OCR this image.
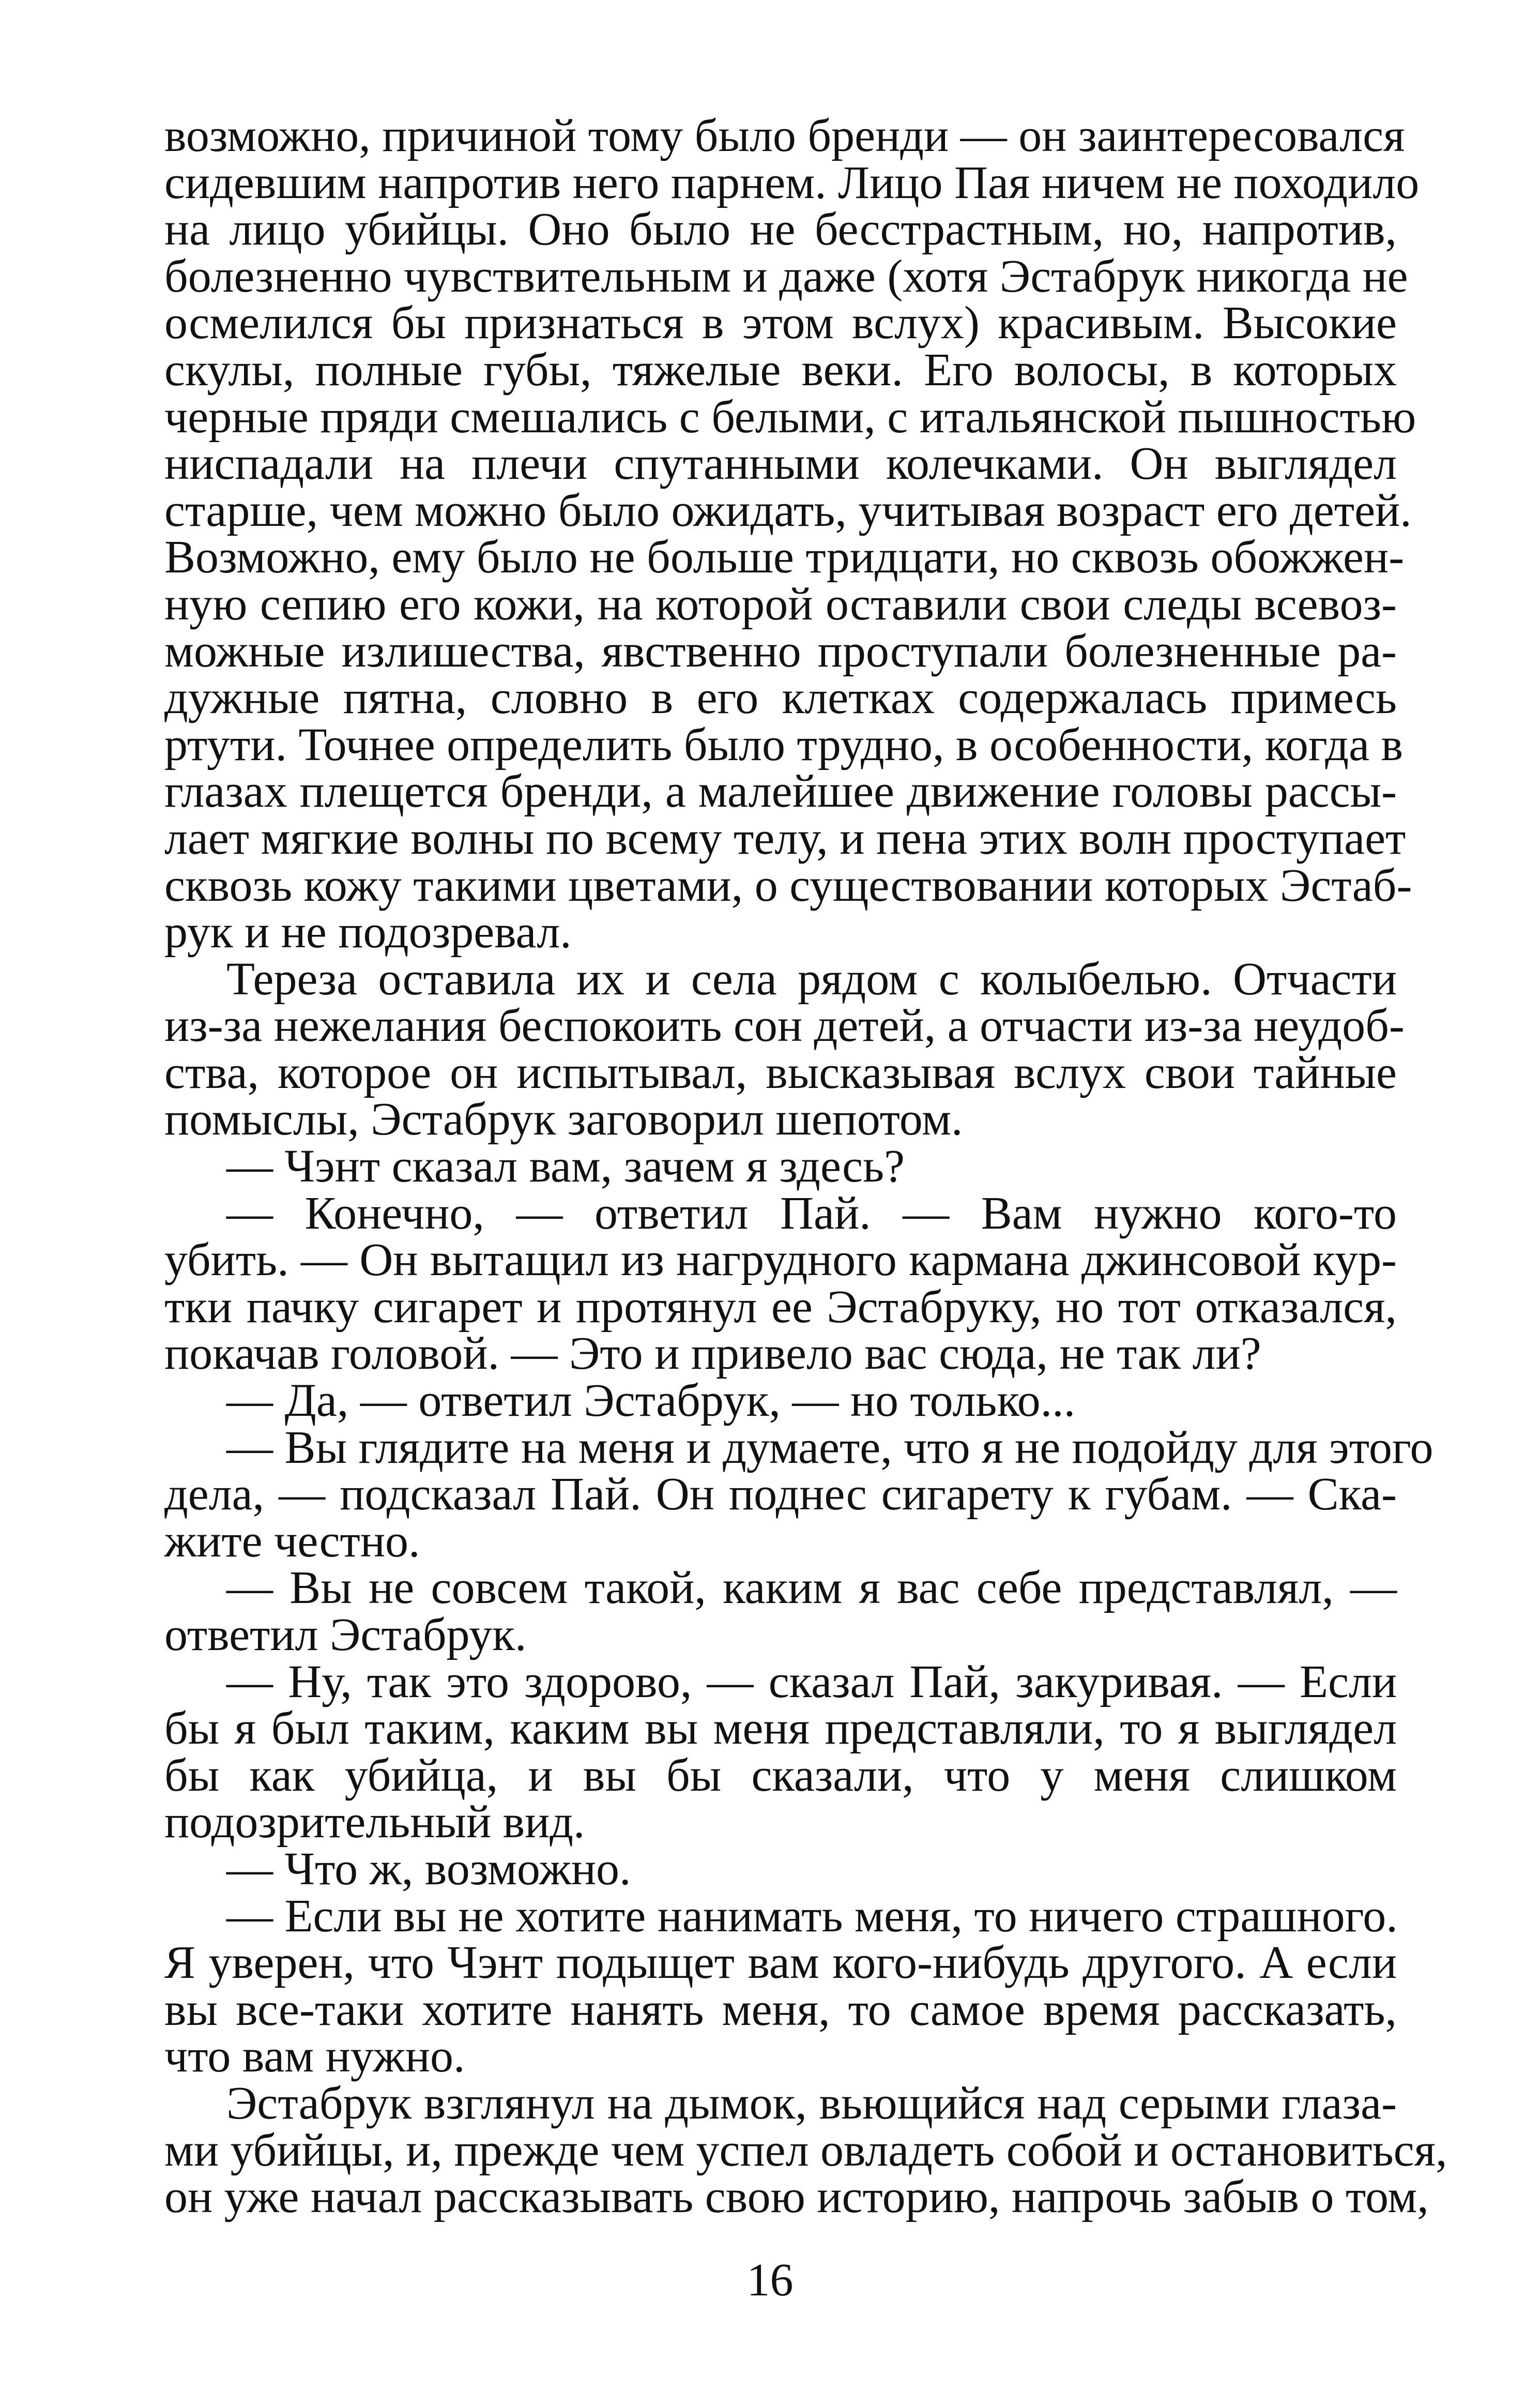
возможно, причиной тому было бренди — он заинтересовался
сидевшим напротив него парнем. Лицо Пая ничем не походило
на лицо убийцы. Оно было не бесстрастным, но, напротив,
болезненно чувствительным и даже (хотя Эстабрук никогда не
осмелился бы признаться в этом вслух) красивым. Высокие
скулы, полные губы, тяжелые веки. Его волосы, в которых
черные пряди смешались с белыми, с итальянской пышностью
ниспадали на плечи спутанными колечками. Он выглядел
старше, чем можно было ожидать, учитывая возраст его детей.
Возможно, ему было не больше тридцати, но сквозь обожжен-
ную сепию его кожи, на которой оставили свои следы всевоз-
можные излишества, явственно проступали болезненные ра-
дужные пятна, словно в его клетках содержалась примесь
ртути. Точнее определить было трудно, в особенности, когда в
глазах плещется бренди, а малейшее движение головы рассы-
лает мягкие волны по всему телу, и пена этих волн проступает
сквозь кожу такими цветами, о существовании которых Эстаб-
рук и не подозревал.
Тереза оставила их и села рядом с колыбелью. Отчасти
из-за нежелания беспокоить сон детей, а отчасти из-за неудоб-
ства, которое он испытывал, высказывая вслух свои тайные
помыслы, Эстабрук заговорил шепотом.
— Чэнт сказал вам, зачем я здесь?
— Конечно, — ответил Пай. — Вам нужно кого-то
убить. — Он вытащил из нагрудного кармана джинсовой кур-
тки пачку сигарет и протянул ее Эстабруку, но тот отказался,
покачав головой. — Это и привело вас сюда, не так ли?
— Да, — ответил Эстабрук, — но только...
— Вы глядите на меня и думаете, что я не подойду для этого
дела, — подсказал Пай. Он поднес сигарету к губам. — Ска-
жите честно.
— Вы не совсем такой, каким я вас себе представлял, —
ответил Эстабрук.
— Ну, так это здорово, — сказал Пай, закуривая. — Если
бы я был таким, каким вы меня представляли, то я выглядел
бы как убийца, и вы бы сказали, что у меня слишком
подозрительный вид.
— Что ж, возможно.
— Если вы не хотите нанимать меня, то ничего страшного.
Я уверен, что Чэнт подыщет вам кого-нибудь другого. А если
вы все-таки хотите нанять меня, то самое время рассказать,
что вам нужно.
Эстабрук взглянул на дымок, вьющийся над серыми глаза-
ми убийцы, и, прежде чем успел овладеть собой и остановиться,
он уже начал рассказывать свою историю, напрочь забыв о том,
16
